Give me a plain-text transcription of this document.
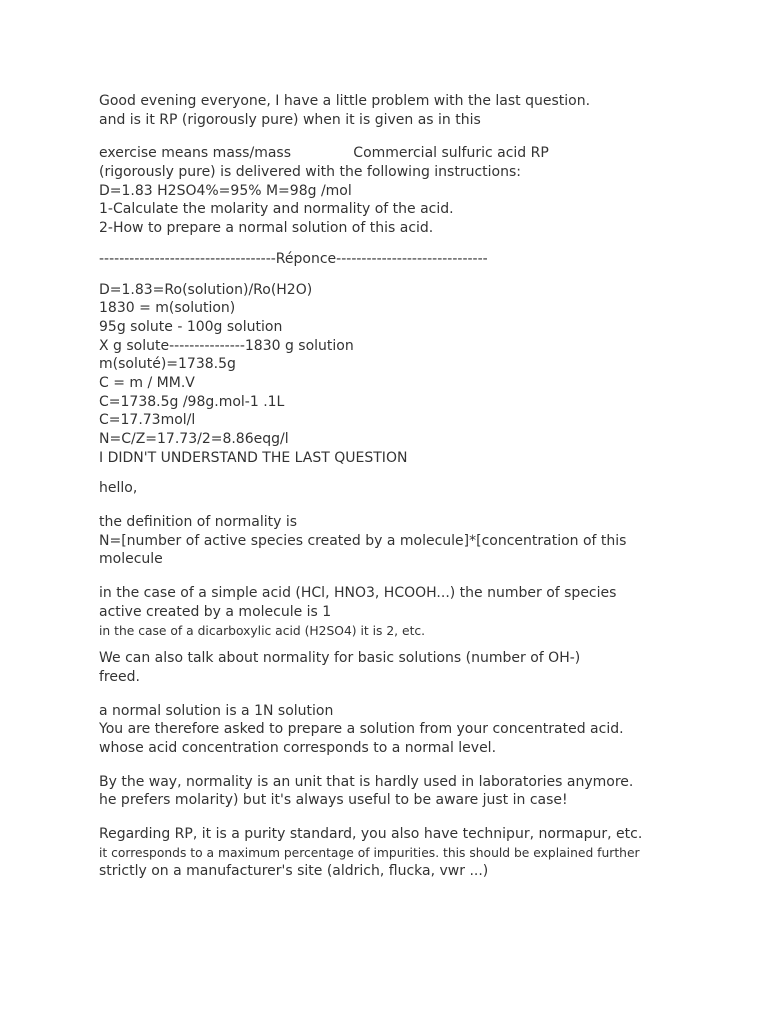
Good evening everyone, I have a little problem with the last question.
and is it RP (rigorously pure) when it is given as in this
exercise means mass/mass              Commercial sulfuric acid RP
(rigorously pure) is delivered with the following instructions:
D=1.83 H2SO4%=95% M=98g /mol
1-Calculate the molarity and normality of the acid.
2-How to prepare a normal solution of this acid.
-----------------------------------Réponce------------------------------
D=1.83=Ro(solution)/Ro(H2O)
1830 = m(solution)
95g solute - 100g solution
X g solute---------------1830 g solution
m(soluté)=1738.5g
C = m / MM.V
C=1738.5g /98g.mol-1 .1L
C=17.73mol/l
N=C/Z=17.73/2=8.86eqg/l
I DIDN'T UNDERSTAND THE LAST QUESTION
hello,
the definition of normality is
N=[number of active species created by a molecule]*[concentration of this
molecule
in the case of a simple acid (HCl, HNO3, HCOOH...) the number of species
active created by a molecule is 1
in the case of a dicarboxylic acid (H2SO4) it is 2, etc.
We can also talk about normality for basic solutions (number of OH-)
freed.
a normal solution is a 1N solution
You are therefore asked to prepare a solution from your concentrated acid.
whose acid concentration corresponds to a normal level.
By the way, normality is an unit that is hardly used in laboratories anymore.
he prefers molarity) but it's always useful to be aware just in case!
Regarding RP, it is a purity standard, you also have technipur, normapur, etc.
it corresponds to a maximum percentage of impurities. this should be explained further
strictly on a manufacturer's site (aldrich, flucka, vwr ...)
